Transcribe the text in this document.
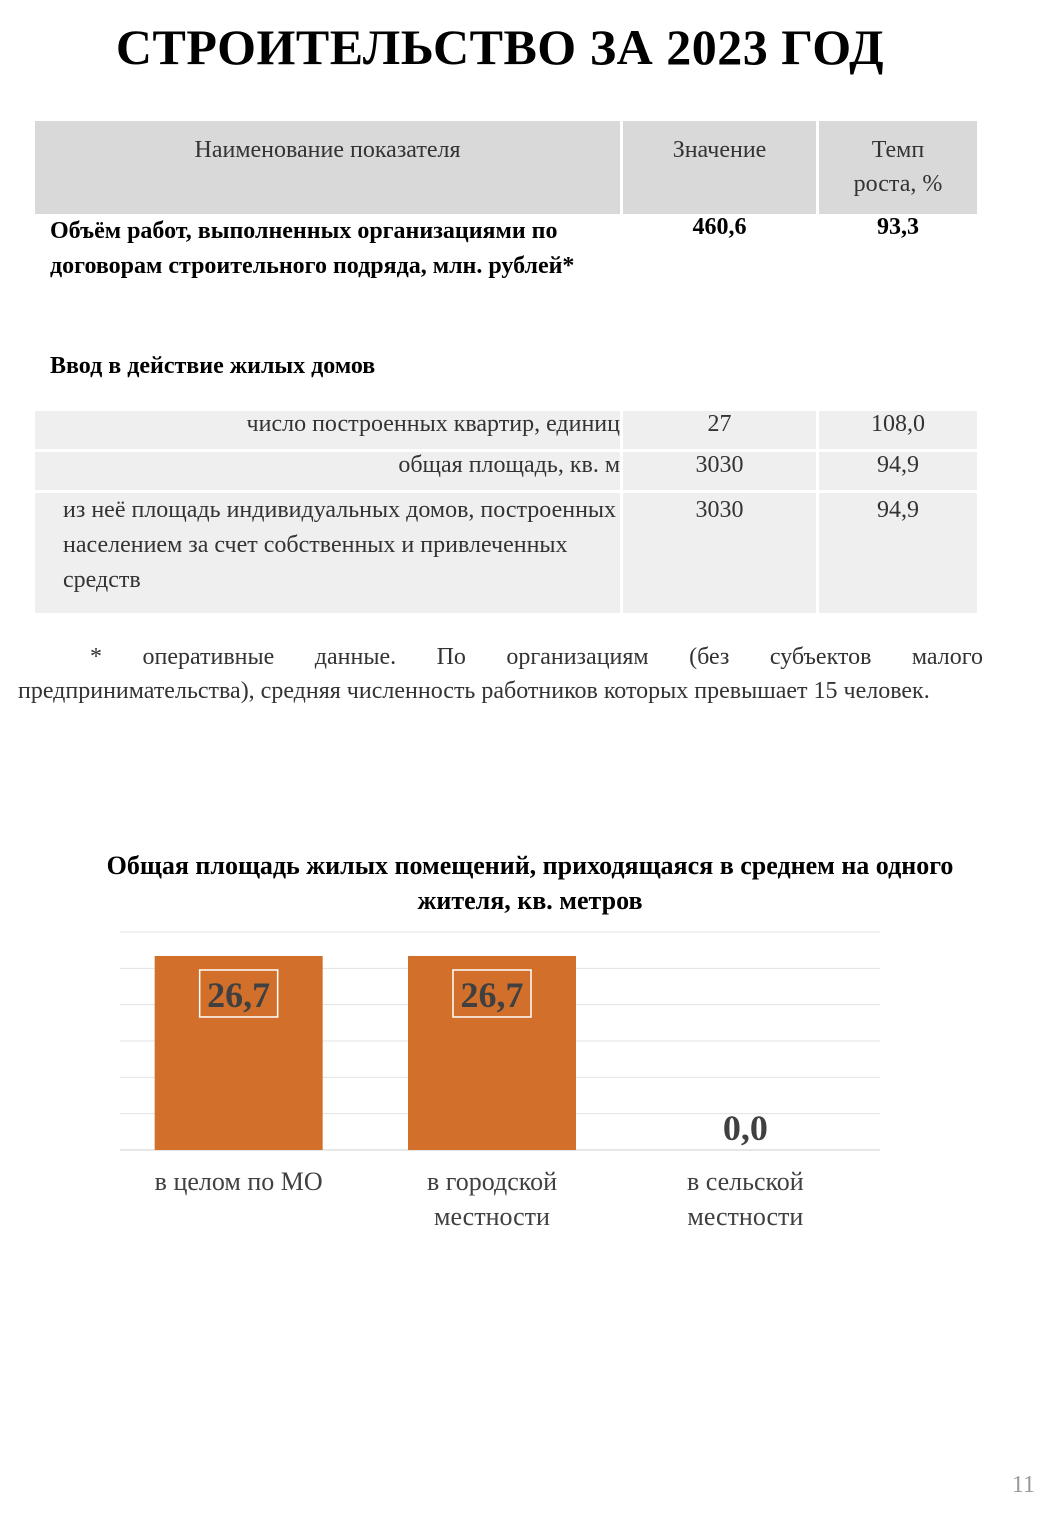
СТРОИТЕЛЬСТВО ЗА 2023 ГОД
Наименование показателя	Значение	Темп роста, %
Объём работ, выполненных организациями по договорам строительного подряда, млн. рублей*	460,6	93,3
Ввод в действие жилых домов		
число построенных квартир, единиц	27	108,0
общая площадь, кв. м	3030	94,9
из неё площадь индивидуальных домов, построенных населением за счет собственных и привлеченных средств	3030	94,9
* оперативные данные. По организациям (без субъектов малого предпринимательства), средняя численность работников которых превышает 15 человек.
Общая площадь жилых помещений, приходящаяся в среднем на одного жителя, кв. метров
26,7	26,7
0,0
в целом по МО	в городской
местности
в сельской
местности
11
